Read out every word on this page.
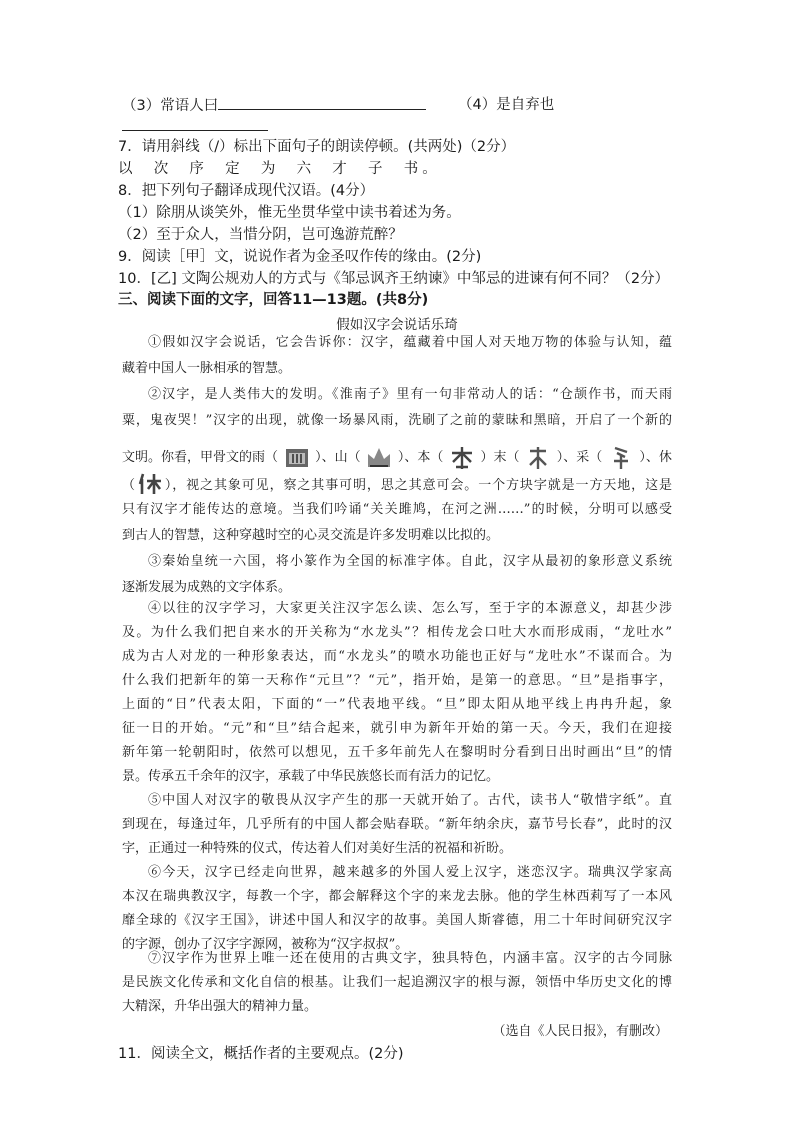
（3）常语人曰	（4）是自弃也
7．请用斜线（/）标出下面句子的朗读停顿。(共两处)（2分）
以  次  序  定  为  六  才  子  书。
8．把下列句子翻译成现代汉语。(4分）
（1）除朋从谈笑外，惟无坐贯华堂中读书着述为务。
（2）至于众人，当惜分阴，岂可逸游荒醉？
9．阅读［甲］文，说说作者为金圣叹作传的缘由。(2分)
10．[乙] 文陶公规劝人的方式与《邹忌讽齐王纳谏》中邹忌的进谏有何不同？（2分）
三、阅读下面的文字，回答11—13题。(共8分)
假如汉字会说话乐琦
①假如汉字会说话，它会告诉你：汉字，蕴藏着中国人对天地万物的体验与认知，蕴
藏着中国人一脉相承的智慧。
②汉字，是人类伟大的发明。《淮南子》里有一句非常动人的话：“仓颉作书，而天雨
粟，鬼夜哭！”汉字的出现，就像一场暴风雨，洗刷了之前的蒙昧和黑暗，开启了一个新的
文明。你看，甲骨文的雨（	）、山（	）、本（	）末（	）、采（	）、休
（ ），视之其象可见，察之其事可明，思之其意可会。一个方块字就是一方天地，这是
只有汉字才能传达的意境。当我们吟诵“关关雎鸠，在河之洲……”的时候，分明可以感受
到古人的智慧，这种穿越时空的心灵交流是许多发明难以比拟的。
③秦始皇统一六国，将小篆作为全国的标准字体。自此，汉字从最初的象形意义系统
逐渐发展为成熟的文字体系。
④以往的汉字学习，大家更关注汉字怎么读、怎么写，至于字的本源意义，却甚少涉
及。为什么我们把自来水的开关称为“水龙头”？相传龙会口吐大水而形成雨，“龙吐水”
成为古人对龙的一种形象表达，而“水龙头”的喷水功能也正好与“龙吐水”不谋而合。为
什么我们把新年的第一天称作“元旦”？“元”，指开始，是第一的意思。“旦”是指事字，
上面的“日”代表太阳，下面的“一”代表地平线。“旦”即太阳从地平线上冉冉升起，象
征一日的开始。“元”和“旦”结合起来，就引申为新年开始的第一天。今天，我们在迎接
新年第一轮朝阳时，依然可以想见，五千多年前先人在黎明时分看到日出时画出“旦”的情
景。传承五千余年的汉字，承载了中华民族悠长而有活力的记忆。
⑤中国人对汉字的敬畏从汉字产生的那一天就开始了。古代，读书人“敬惜字纸”。直
到现在，每逢过年，几乎所有的中国人都会贴春联。“新年纳余庆，嘉节号长春”，此时的汉
字，正通过一种特殊的仪式，传达着人们对美好生活的祝福和祈盼。
⑥今天，汉字已经走向世界，越来越多的外国人爱上汉字，迷恋汉字。瑞典汉学家高
本汉在瑞典教汉字，每教一个字，都会解释这个字的来龙去脉。他的学生林西莉写了一本风
靡全球的《汉字王国》，讲述中国人和汉字的故事。美国人斯睿德，用二十年时间研究汉字
的字源，创办了汉字字源网，被称为“汉字叔叔”。
（选自《人民日报》，有删改）
11．阅读全文，概括作者的主要观点。(2分)
⑦汉字作为世界上唯一还在使用的古典文字，独具特色，内涵丰富。汉字的古今同脉
是民族文化传承和文化自信的根基。让我们一起追溯汉字的根与源，领悟中华历史文化的博
大精深，升华出强大的精神力量。
